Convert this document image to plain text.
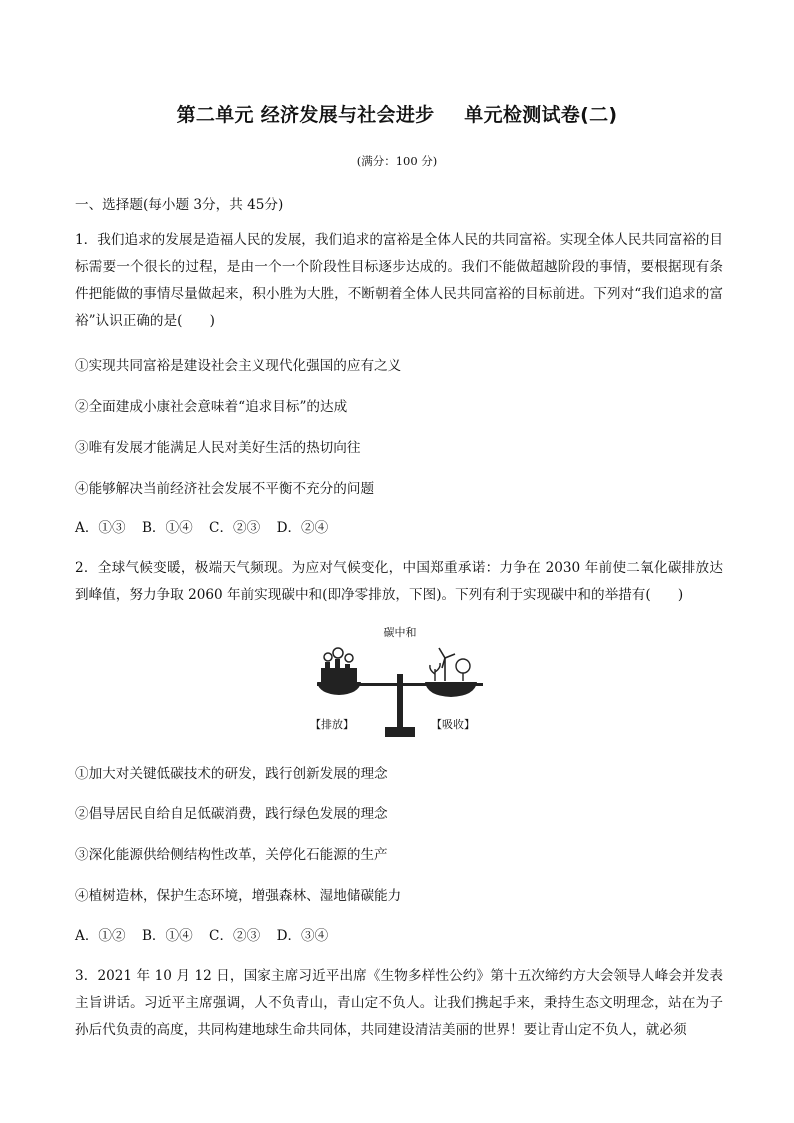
第二单元 经济发展与社会进步 单元检测试卷(二)
(满分：100 分)
一、选择题(每小题 3分，共 45分)
1．我们追求的发展是造福人民的发展，我们追求的富裕是全体人民的共同富裕。实现全体人民共同富裕的目标需要一个很长的过程，是由一个一个阶段性目标逐步达成的。我们不能做超越阶段的事情，要根据现有条件把能做的事情尽量做起来，积小胜为大胜，不断朝着全体人民共同富裕的目标前进。下列对“我们追求的富裕”认识正确的是(　　)
①实现共同富裕是建设社会主义现代化强国的应有之义
②全面建成小康社会意味着“追求目标”的达成
③唯有发展才能满足人民对美好生活的热切向往
④能够解决当前经济社会发展不平衡不充分的问题
A．①③ B．①④ C．②③ D．②④
2．全球气候变暖，极端天气频现。为应对气候变化，中国郑重承诺：力争在 2030 年前使二氧化碳排放达到峰值，努力争取 2060 年前实现碳中和(即净零排放，下图)。下列有利于实现碳中和的举措有(　　)
碳中和
【排放】	【吸收】
①加大对关键低碳技术的研发，践行创新发展的理念
②倡导居民自给自足低碳消费，践行绿色发展的理念
③深化能源供给侧结构性改革，关停化石能源的生产
④植树造林，保护生态环境，增强森林、湿地储碳能力
A．①② B．①④ C．②③ D．③④
3．2021 年 10 月 12 日，国家主席习近平出席《生物多样性公约》第十五次缔约方大会领导人峰会并发表主旨讲话。习近平主席强调，人不负青山，青山定不负人。让我们携起手来，秉持生态文明理念，站在为子孙后代负责的高度，共同构建地球生命共同体，共同建设清洁美丽的世界！要让青山定不负人，就必须
